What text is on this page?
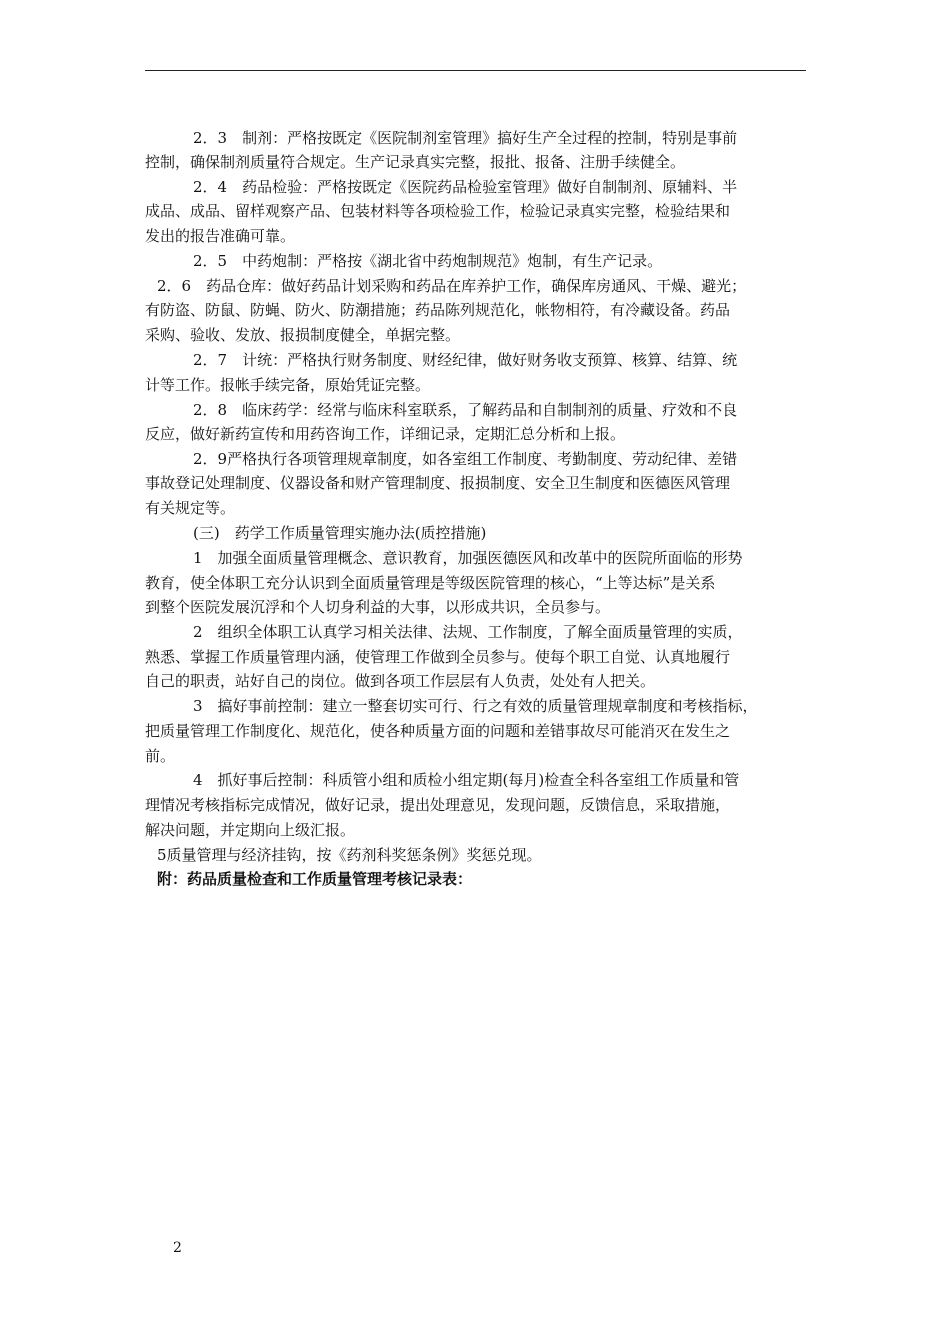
2．3　制剂：严格按既定《医院制剂室管理》搞好生产全过程的控制，特别是事前
控制，确保制剂质量符合规定。生产记录真实完整，报批、报备、注册手续健全。
2．4　药品检验：严格按既定《医院药品检验室管理》做好自制制剂、原辅料、半
成品、成品、留样观察产品、包装材料等各项检验工作，检验记录真实完整，检验结果和
发出的报告准确可靠。
2．5　中药炮制：严格按《湖北省中药炮制规范》炮制，有生产记录。
2．6　药品仓库：做好药品计划采购和药品在库养护工作，确保库房通风、干燥、避光；
有防盗、防鼠、防蝇、防火、防潮措施；药品陈列规范化，帐物相符，有冷藏设备。药品
采购、验收、发放、报损制度健全，单据完整。
2．7　计统：严格执行财务制度、财经纪律，做好财务收支预算、核算、结算、统
计等工作。报帐手续完备，原始凭证完整。
2．8　临床药学：经常与临床科室联系，了解药品和自制制剂的质量、疗效和不良
反应，做好新药宣传和用药咨询工作，详细记录，定期汇总分析和上报。
2．9严格执行各项管理规章制度，如各室组工作制度、考勤制度、劳动纪律、差错
事故登记处理制度、仪器设备和财产管理制度、报损制度、安全卫生制度和医德医风管理
有关规定等。
(三)　药学工作质量管理实施办法(质控措施)
1　加强全面质量管理概念、意识教育，加强医德医风和改革中的医院所面临的形势
教育，使全体职工充分认识到全面质量管理是等级医院管理的核心，“上等达标”是关系
到整个医院发展沉浮和个人切身利益的大事，以形成共识，全员参与。
2　组织全体职工认真学习相关法律、法规、工作制度，了解全面质量管理的实质，
熟悉、掌握工作质量管理内涵，使管理工作做到全员参与。使每个职工自觉、认真地履行
自己的职责，站好自己的岗位。做到各项工作层层有人负责，处处有人把关。
3　搞好事前控制：建立一整套切实可行、行之有效的质量管理规章制度和考核指标，
把质量管理工作制度化、规范化，使各种质量方面的问题和差错事故尽可能消灭在发生之
前。
4　抓好事后控制：科质管小组和质检小组定期(每月)检查全科各室组工作质量和管
理情况考核指标完成情况，做好记录，提出处理意见，发现问题，反馈信息，采取措施，
解决问题，并定期向上级汇报。
5质量管理与经济挂钩，按《药剂科奖惩条例》奖惩兑现。
附：药品质量检查和工作质量管理考核记录表：
2
